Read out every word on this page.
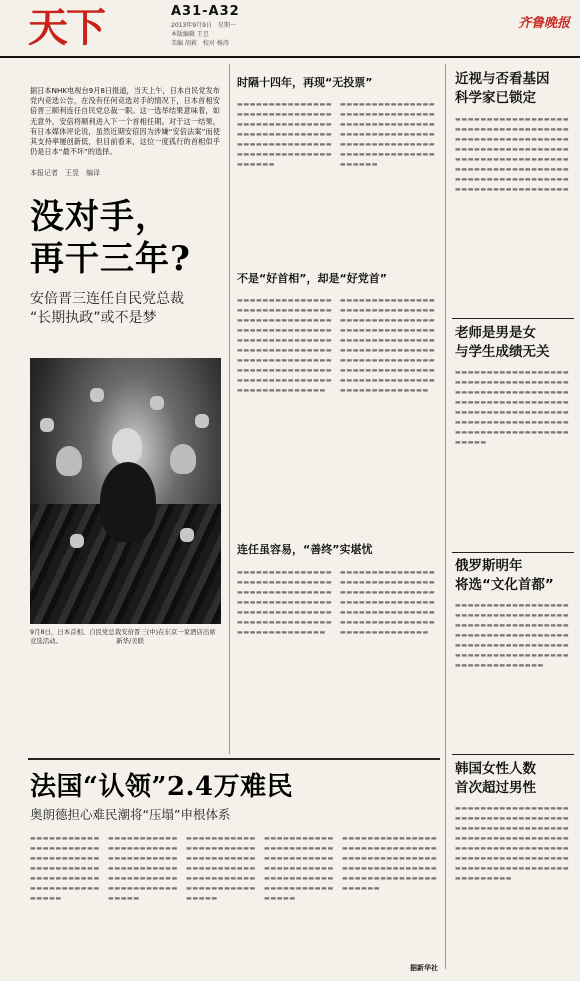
天下	A31-A32
2013年9月9日　星期一
本版编辑 王昱
美编 胡莉　校对 杨涛
齐鲁晚报
据日本NHK电视台9月8日报道，当天上午，日本自民党发布党内竞选公告，在没有任何竞选对手的情况下，日本首相安倍晋三顺利连任自民党总裁一职。这一选举结果意味着，如无意外，安倍将顺利进入下一个首相任期。对于这一结果，有日本媒体评论说，虽然近期安倍因为涉嫌“安倍法案”而使其支持率屡创新低，但目前看来，这位一度孤行的首相似乎仍是日本“最不坏”的选择。
本报记者　王昱　编译
没对手，
再干三年?
安倍晋三连任自民党总裁
“长期执政”或不是梦
9月8日，日本首相、自民党总裁安倍晋三(中)在东京一家酒店出席竞选活动。　　　　　　　　　新华/美联
时隔十四年，再现“无投票”
▬▬▬▬▬▬▬▬▬▬▬▬▬▬▬▬▬▬▬▬▬▬▬▬▬▬▬▬▬▬▬▬▬▬▬▬▬▬▬▬▬▬▬▬▬▬▬▬▬▬▬▬▬▬▬▬▬▬▬▬▬▬▬▬▬▬▬▬▬▬▬▬▬▬▬▬▬▬▬▬▬▬▬▬▬▬▬▬▬▬▬▬▬▬▬▬
▬▬▬▬▬▬▬▬▬▬▬▬▬▬▬▬▬▬▬▬▬▬▬▬▬▬▬▬▬▬▬▬▬▬▬▬▬▬▬▬▬▬▬▬▬▬▬▬▬▬▬▬▬▬▬▬▬▬▬▬▬▬▬▬▬▬▬▬▬▬▬▬▬▬▬▬▬▬▬▬▬▬▬▬▬▬▬▬▬▬▬▬▬▬▬▬
不是“好首相”，却是“好党首”
▬▬▬▬▬▬▬▬▬▬▬▬▬▬▬▬▬▬▬▬▬▬▬▬▬▬▬▬▬▬▬▬▬▬▬▬▬▬▬▬▬▬▬▬▬▬▬▬▬▬▬▬▬▬▬▬▬▬▬▬▬▬▬▬▬▬▬▬▬▬▬▬▬▬▬▬▬▬▬▬▬▬▬▬▬▬▬▬▬▬▬▬▬▬▬▬▬▬▬▬▬▬▬▬▬▬▬▬▬▬▬▬▬▬▬▬▬▬▬▬▬▬▬▬▬▬▬▬▬▬▬▬▬▬▬▬▬▬▬▬▬▬▬▬▬▬▬▬▬
▬▬▬▬▬▬▬▬▬▬▬▬▬▬▬▬▬▬▬▬▬▬▬▬▬▬▬▬▬▬▬▬▬▬▬▬▬▬▬▬▬▬▬▬▬▬▬▬▬▬▬▬▬▬▬▬▬▬▬▬▬▬▬▬▬▬▬▬▬▬▬▬▬▬▬▬▬▬▬▬▬▬▬▬▬▬▬▬▬▬▬▬▬▬▬▬▬▬▬▬▬▬▬▬▬▬▬▬▬▬▬▬▬▬▬▬▬▬▬▬▬▬▬▬▬▬▬▬▬▬▬▬▬▬▬▬▬▬▬▬▬▬▬▬▬▬▬▬▬
连任虽容易，“善终”实堪忧
▬▬▬▬▬▬▬▬▬▬▬▬▬▬▬▬▬▬▬▬▬▬▬▬▬▬▬▬▬▬▬▬▬▬▬▬▬▬▬▬▬▬▬▬▬▬▬▬▬▬▬▬▬▬▬▬▬▬▬▬▬▬▬▬▬▬▬▬▬▬▬▬▬▬▬▬▬▬▬▬▬▬▬▬▬▬▬▬▬▬▬▬▬▬▬▬▬▬▬▬▬▬▬▬
▬▬▬▬▬▬▬▬▬▬▬▬▬▬▬▬▬▬▬▬▬▬▬▬▬▬▬▬▬▬▬▬▬▬▬▬▬▬▬▬▬▬▬▬▬▬▬▬▬▬▬▬▬▬▬▬▬▬▬▬▬▬▬▬▬▬▬▬▬▬▬▬▬▬▬▬▬▬▬▬▬▬▬▬▬▬▬▬▬▬▬▬▬▬▬▬▬▬▬▬▬▬▬▬
近视与否看基因
科学家已锁定
▬▬▬▬▬▬▬▬▬▬▬▬▬▬▬▬▬▬▬▬▬▬▬▬▬▬▬▬▬▬▬▬▬▬▬▬▬▬▬▬▬▬▬▬▬▬▬▬▬▬▬▬▬▬▬▬▬▬▬▬▬▬▬▬▬▬▬▬▬▬▬▬▬▬▬▬▬▬▬▬▬▬▬▬▬▬▬▬▬▬▬▬▬▬▬▬▬▬▬▬▬▬▬▬▬▬▬▬▬▬▬▬▬▬▬▬▬▬▬▬▬▬▬▬▬▬▬▬▬▬▬▬▬▬▬▬▬▬▬▬▬▬▬▬
老师是男是女
与学生成绩无关
▬▬▬▬▬▬▬▬▬▬▬▬▬▬▬▬▬▬▬▬▬▬▬▬▬▬▬▬▬▬▬▬▬▬▬▬▬▬▬▬▬▬▬▬▬▬▬▬▬▬▬▬▬▬▬▬▬▬▬▬▬▬▬▬▬▬▬▬▬▬▬▬▬▬▬▬▬▬▬▬▬▬▬▬▬▬▬▬▬▬▬▬▬▬▬▬▬▬▬▬▬▬▬▬▬▬▬▬▬▬▬▬▬▬▬▬▬▬▬▬▬▬▬▬▬▬▬▬▬▬▬
俄罗斯明年
将选“文化首都”
▬▬▬▬▬▬▬▬▬▬▬▬▬▬▬▬▬▬▬▬▬▬▬▬▬▬▬▬▬▬▬▬▬▬▬▬▬▬▬▬▬▬▬▬▬▬▬▬▬▬▬▬▬▬▬▬▬▬▬▬▬▬▬▬▬▬▬▬▬▬▬▬▬▬▬▬▬▬▬▬▬▬▬▬▬▬▬▬▬▬▬▬▬▬▬▬▬▬▬▬▬▬▬▬▬▬▬▬▬▬▬▬▬▬▬▬▬▬▬▬▬▬
韩国女性人数
首次超过男性
▬▬▬▬▬▬▬▬▬▬▬▬▬▬▬▬▬▬▬▬▬▬▬▬▬▬▬▬▬▬▬▬▬▬▬▬▬▬▬▬▬▬▬▬▬▬▬▬▬▬▬▬▬▬▬▬▬▬▬▬▬▬▬▬▬▬▬▬▬▬▬▬▬▬▬▬▬▬▬▬▬▬▬▬▬▬▬▬▬▬▬▬▬▬▬▬▬▬▬▬▬▬▬▬▬▬▬▬▬▬▬▬▬▬▬▬▬▬▬▬▬▬▬▬▬▬▬▬▬▬▬▬▬▬▬
法国“认领”2.4万难民
奥朗德担心难民潮将“压塌”申根体系
▬▬▬▬▬▬▬▬▬▬▬▬▬▬▬▬▬▬▬▬▬▬▬▬▬▬▬▬▬▬▬▬▬▬▬▬▬▬▬▬▬▬▬▬▬▬▬▬▬▬▬▬▬▬▬▬▬▬▬▬▬▬▬▬▬▬▬▬▬▬▬
▬▬▬▬▬▬▬▬▬▬▬▬▬▬▬▬▬▬▬▬▬▬▬▬▬▬▬▬▬▬▬▬▬▬▬▬▬▬▬▬▬▬▬▬▬▬▬▬▬▬▬▬▬▬▬▬▬▬▬▬▬▬▬▬▬▬▬▬▬▬▬
▬▬▬▬▬▬▬▬▬▬▬▬▬▬▬▬▬▬▬▬▬▬▬▬▬▬▬▬▬▬▬▬▬▬▬▬▬▬▬▬▬▬▬▬▬▬▬▬▬▬▬▬▬▬▬▬▬▬▬▬▬▬▬▬▬▬▬▬▬▬▬
▬▬▬▬▬▬▬▬▬▬▬▬▬▬▬▬▬▬▬▬▬▬▬▬▬▬▬▬▬▬▬▬▬▬▬▬▬▬▬▬▬▬▬▬▬▬▬▬▬▬▬▬▬▬▬▬▬▬▬▬▬▬▬▬▬▬▬▬▬▬▬
▬▬▬▬▬▬▬▬▬▬▬▬▬▬▬▬▬▬▬▬▬▬▬▬▬▬▬▬▬▬▬▬▬▬▬▬▬▬▬▬▬▬▬▬▬▬▬▬▬▬▬▬▬▬▬▬▬▬▬▬▬▬▬▬▬▬▬▬▬▬▬▬▬▬▬▬▬▬▬▬▬
据新华社
